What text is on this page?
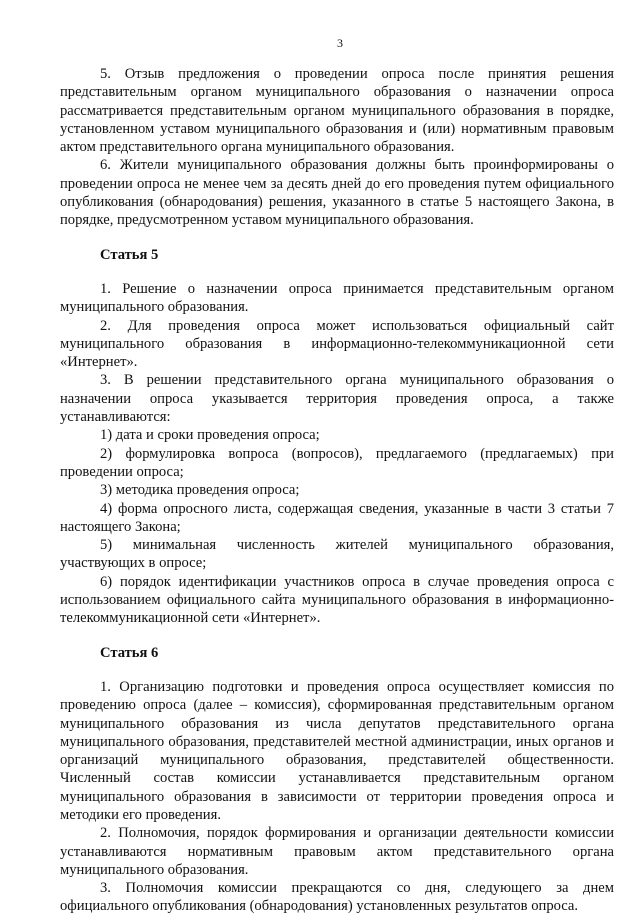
3

5. Отзыв предложения о проведении опроса после принятия решения представительным органом муниципального образования о назначении опроса рассматривается представительным органом муниципального образования в порядке, установленном уставом муниципального образования и (или) нормативным правовым актом представительного органа муниципального образования.

6. Жители муниципального образования должны быть проинформированы о проведении опроса не менее чем за десять дней до его проведения путем официального опубликования (обнародования) решения, указанного в статье 5 настоящего Закона, в порядке, предусмотренном уставом муниципального образования.

Статья 5

1. Решение о назначении опроса принимается представительным органом муниципального образования.

2. Для проведения опроса может использоваться официальный сайт муниципального образования в информационно-телекоммуникационной сети «Интернет».

3. В решении представительного органа муниципального образования о назначении опроса указывается территория проведения опроса, а также устанавливаются:

1) дата и сроки проведения опроса;

2) формулировка вопроса (вопросов), предлагаемого (предлагаемых) при проведении опроса;

3) методика проведения опроса;

4) форма опросного листа, содержащая сведения, указанные в части 3 статьи 7 настоящего Закона;

5) минимальная численность жителей муниципального образования, участвующих в опросе;

6) порядок идентификации участников опроса в случае проведения опроса с использованием официального сайта муниципального образования в информационно-телекоммуникационной сети «Интернет».

Статья 6

1. Организацию подготовки и проведения опроса осуществляет комиссия по проведению опроса (далее – комиссия), сформированная представительным органом муниципального образования из числа депутатов представительного органа муниципального образования, представителей местной администрации, иных органов и организаций муниципального образования, представителей общественности. Численный состав комиссии устанавливается представительным органом муниципального образования в зависимости от территории проведения опроса и методики его проведения.

2. Полномочия, порядок формирования и организации деятельности комиссии устанавливаются нормативным правовым актом представительного органа муниципального образования.

3. Полномочия комиссии прекращаются со дня, следующего за днем официального опубликования (обнародования) установленных результатов опроса.
